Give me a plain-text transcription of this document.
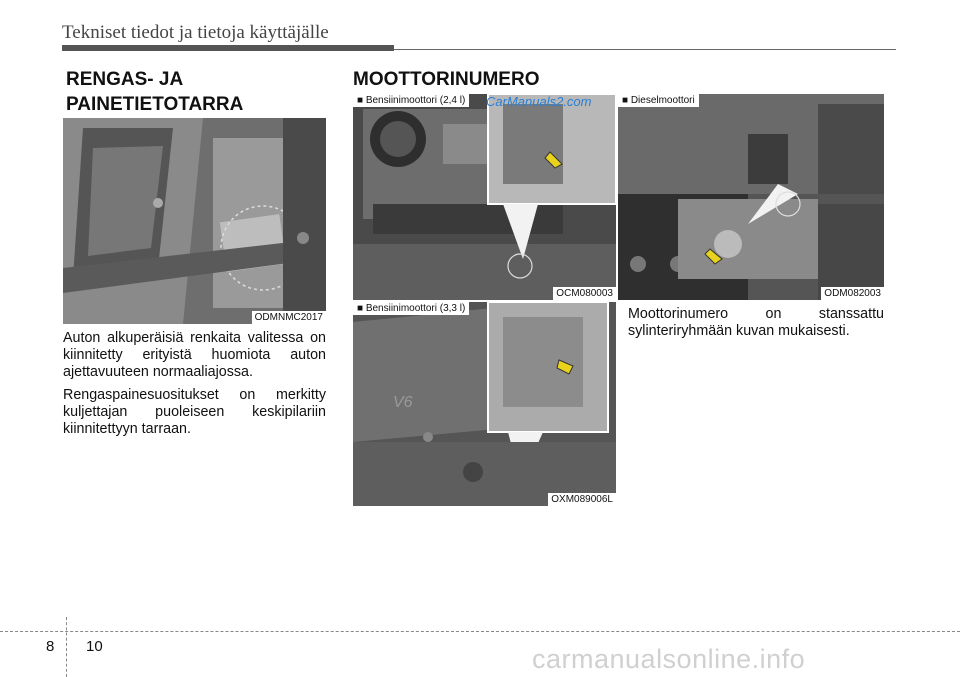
Tekniset tiedot ja tietoja käyttäjälle
RENGAS- JA
PAINETIETOTARRA
ODMNMC2017

Auton alkuperäisiä renkaita valitessa on kiinnitetty erityistä huomiota auton ajettavuuteen normaaliajossa.

Rengaspainesuositukset on merkitty kuljettajan puoleiseen keskipilariin kiinnitettyyn tarraan.

MOOTTORINUMERO
■ Bensiinimoottori (2,4 l)
OCM080003
CarManuals2.com	■ Dieselmoottori
ODM082003
V6
■ Bensiinimoottori (3,3 l)
OXM089006L
Moottorinumero on stanssattu sylinteriryhmään kuvan mukaisesti.
8 10	carmanualsonline.info
